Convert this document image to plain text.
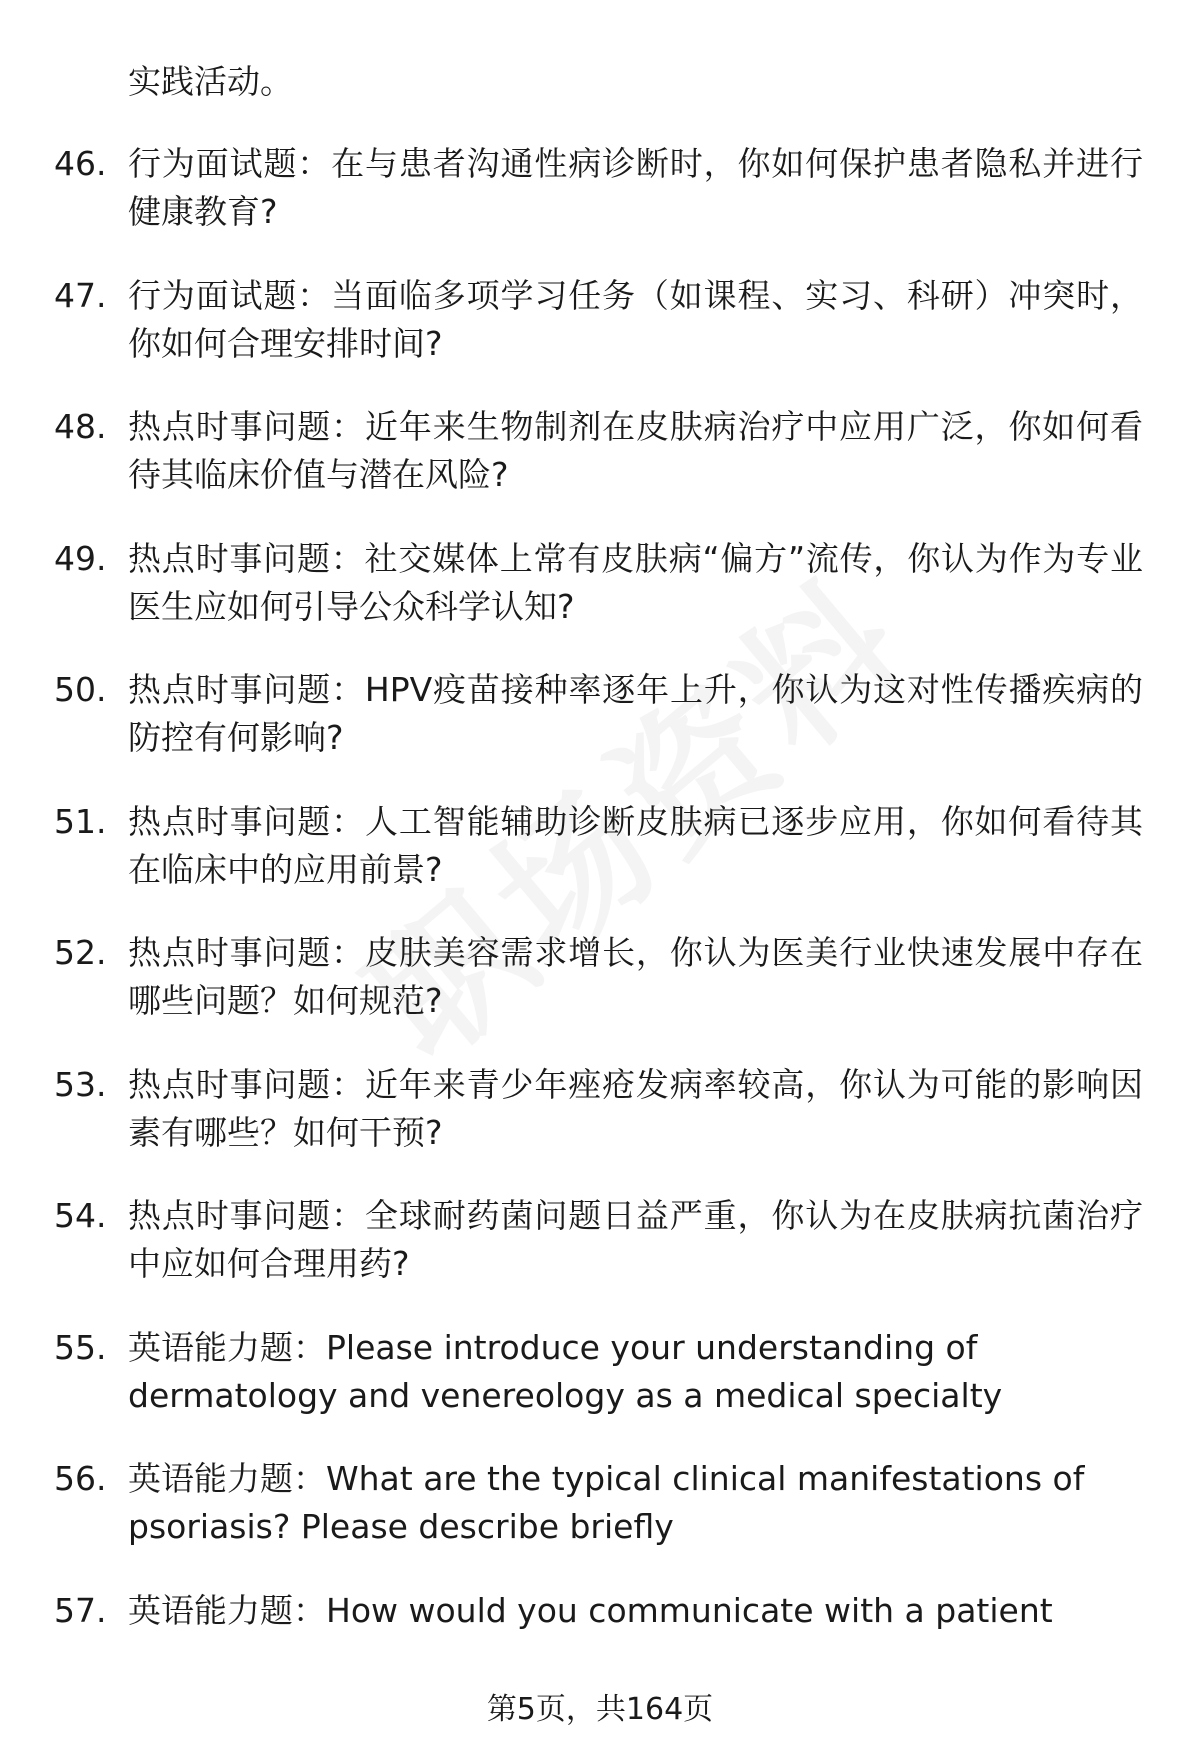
实践活动。
46. 行为面试题：在与患者沟通性病诊断时，你如何保护患者隐私并进行健康教育?
47. 行为面试题：当面临多项学习任务（如课程、实习、科研）冲突时，你如何合理安排时间?
48. 热点时事问题：近年来生物制剂在皮肤病治疗中应用广泛，你如何看待其临床价值与潜在风险?
49. 热点时事问题：社交媒体上常有皮肤病“偏方”流传，你认为作为专业医生应如何引导公众科学认知?
50. 热点时事问题：HPV疫苗接种率逐年上升，你认为这对性传播疾病的防控有何影响?
51. 热点时事问题：人工智能辅助诊断皮肤病已逐步应用，你如何看待其在临床中的应用前景?
52. 热点时事问题：皮肤美容需求增长，你认为医美行业快速发展中存在哪些问题？如何规范?
53. 热点时事问题：近年来青少年痤疮发病率较高，你认为可能的影响因素有哪些？如何干预?
54. 热点时事问题：全球耐药菌问题日益严重，你认为在皮肤病抗菌治疗中应如何合理用药?
55. 英语能力题：Please introduce your understanding of dermatology and venereology as a medical specialty
56. 英语能力题：What are the typical clinical manifestations of psoriasis? Please describe briefly
57. 英语能力题：How would you communicate with a patient
第5页，共164页
